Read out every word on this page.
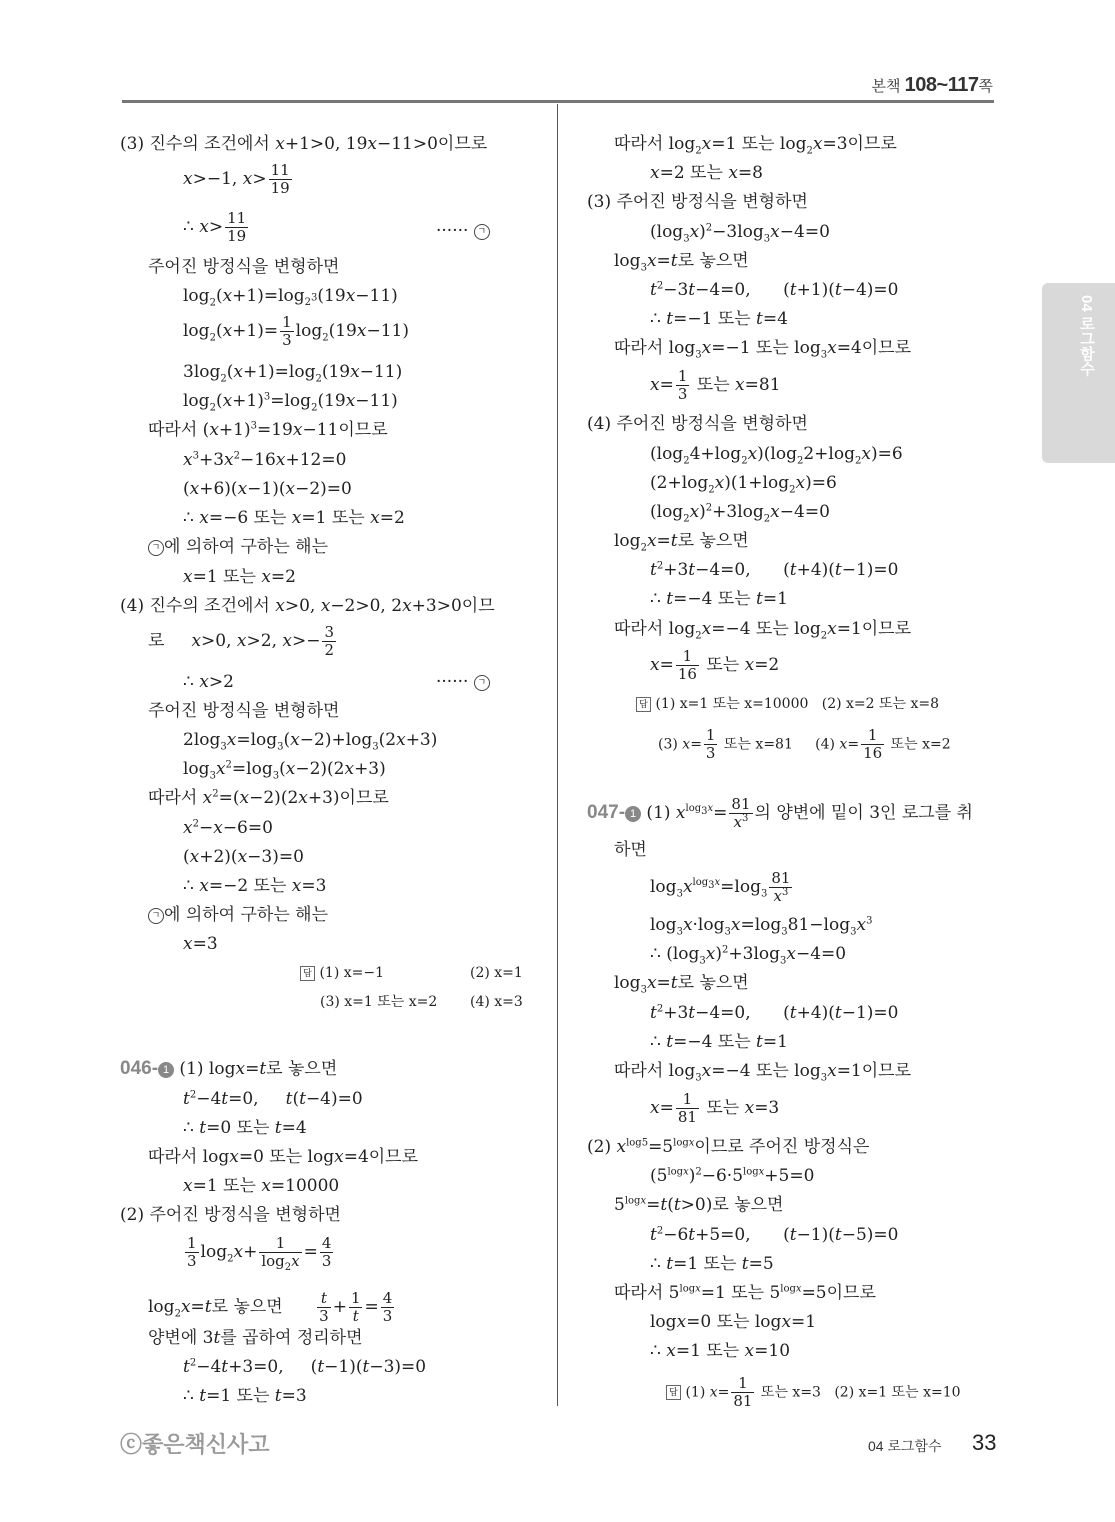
본책 108~117쪽
04 로그함수
(3) 진수의 조건에서 x+1>0, 19x−11>0이므로
x>−1, $x> \frac{11}{19}$
∴ $x> \frac{11}{19}$	······ ㄱ
주어진 방정식을 변형하면
$\log_2(x+1)=\log_{2^3}(19x-11)$
$\log_2(x+1)= \frac{1}{3} \log_2(19x-11)$
$3\log_2(x+1)=\log_2(19x-11)$
$\log_2(x+1)^3=\log_2(19x-11)$
따라서 $(x+1)^3=19x-11$이므로
$x^3+3x^2-16x+12=0$
(x+6)(x−1)(x−2)=0
∴ x=−6 또는 x=1 또는 x=2
ㄱ 에 의하여 구하는 해는
x=1 또는 x=2
(4) 진수의 조건에서 x>0, x−2>0, 2x+3>0이므
로     x>0, x>2, $x>- \frac{3}{2}$
∴ x>2	······ ㄱ
주어진 방정식을 변형하면
$2\log_3x=\log_3(x-2)+\log_3(2x+3)$
$\log_3x^2=\log_3(x-2)(2x+3)$
따라서 $x^2=(x-2)(2x+3)$이므로
$x^2-x-6=0$
(x+2)(x−3)=0
∴ x=−2 또는 x=3
ㄱ 에 의하여 구하는 해는
x=3
답 (1) x=−1	(2) x=1
(3) x=1 또는 x=2 (4) x=3
046- 1 (1) logx=t로 놓으면
$t^2-4t=0$,     t(t−4)=0
∴ t=0 또는 t=4
따라서 logx=0 또는 logx=4이므로
x=1 또는 x=10000
(2) 주어진 방정식을 변형하면
$\frac{1}{3} \log_2x+ \frac{1}{\log_2x} = \frac{4}{3}$
$\log_2x=t$로 놓으면 $\frac{t}{3} + \frac{1}{t} = \frac{4}{3}$
양변에 3t를 곱하여 정리하면
$t^2-4t+3=0$,     (t−1)(t−3)=0
∴ t=1 또는 t=3
따라서 $\log_2x=1$ 또는 $\log_2x=3$이므로
x=2 또는 x=8
(3) 주어진 방정식을 변형하면
$(\log_3x)^2-3\log_3x-4=0$
$\log_3x=t$로 놓으면
$t^2-3t-4=0$,      (t+1)(t−4)=0
∴ t=−1 또는 t=4
따라서 $\log_3x=-1$ 또는 $\log_3x=4$이므로
$x= \frac{1}{3}$ 또는 x=81
(4) 주어진 방정식을 변형하면
$(\log_24+\log_2x)(\log_22+\log_2x)=6$
$(2+\log_2x)(1+\log_2x)=6$
$(\log_2x)^2+3\log_2x-4=0$
$\log_2x=t$로 놓으면
$t^2+3t-4=0$,      (t+4)(t−1)=0
∴ t=−4 또는 t=1
따라서 $\log_2x=-4$ 또는 $\log_2x=1$이므로
$x= \frac{1}{16}$ 또는 x=2
답 (1) x=1 또는 x=10000 (2) x=2 또는 x=8
(3) $x= \frac{1}{3}$ 또는 x=81     (4) $x= \frac{1}{16}$ 또는 x=2
047- 1 (1) $x^{log_3x}= \frac{81}{x^3}$ 의 양변에 밑이 3인 로그를 취
하면
$\log_3x^{log_3x}=\log_3 \frac{81}{x^3}$
$\log_3x\cdot\log_3x=\log_381-\log_3x^3$
∴ $(\log_3x)^2+3\log_3x-4=0$
$\log_3x=t$로 놓으면
$t^2+3t-4=0$,      (t+4)(t−1)=0
∴ t=−4 또는 t=1
따라서 $\log_3x=-4$ 또는 $\log_3x=1$이므로
$x= \frac{1}{81}$ 또는 x=3
(2) $x^{log5}=5^{logx}$이므로 주어진 방정식은
$(5^{logx})^2-6\cdot 5^{logx}+5=0$
$5^{logx}=t(t>0)$로 놓으면
$t^2-6t+5=0$,      (t−1)(t−5)=0
∴ t=1 또는 t=5
따라서 $5^{logx}=1$ 또는 $5^{logx}=5$이므로
logx=0 또는 logx=1
∴ x=1 또는 x=10
답 (1) $x= \frac{1}{81}$ 또는 x=3 (2) x=1 또는 x=10
ⓒ좋은책신사고	04 로그함수 33
